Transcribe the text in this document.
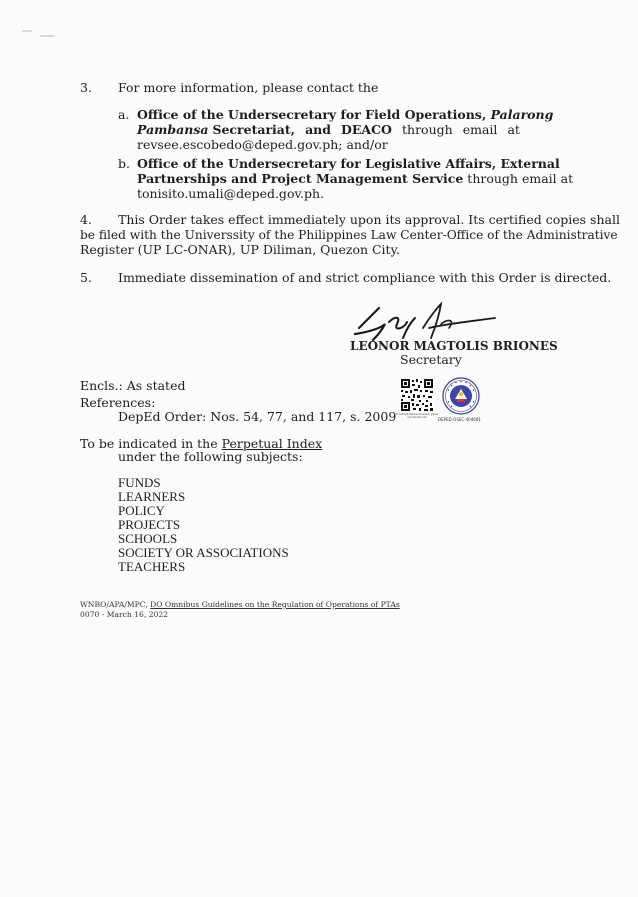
3. For more information, please contact the
a. Office of the Undersecretary for Field Operations, Palarong
Pambansa Secretariat, and DEACO through email at
revsee.escobedo@deped.gov.ph; and/or
b. Office of the Undersecretary for Legislative Affairs, External
Partnerships and Project Management Service through email at
tonisito.umali@deped.gov.ph.
4. This Order takes effect immediately upon its approval. Its certified copies shall
be filed with the Universsity of the Philippines Law Center-Office of the Administrative
Register (UP LC-ONAR), UP Diliman, Quezon City.
5. Immediate dissemination of and strict compliance with this Order is directed.
LEONOR MAGTOLIS BRIONES
Secretary
Encls.: As stated
References:
DepEd Order: Nos. 54, 77, and 117, s. 2009 To authenticate this document, please scan the QR code	DEPED-OSEC-404691
To be indicated in the Perpetual Index
under the following subjects:
FUNDS
LEARNERS
POLICY
PROJECTS
SCHOOLS
SOCIETY OR ASSOCIATIONS
TEACHERS
WNBO/APA/MPC, DO Omnibus Guidelines on the Regulation of Operations of PTAs
0070 - March 16, 2022
